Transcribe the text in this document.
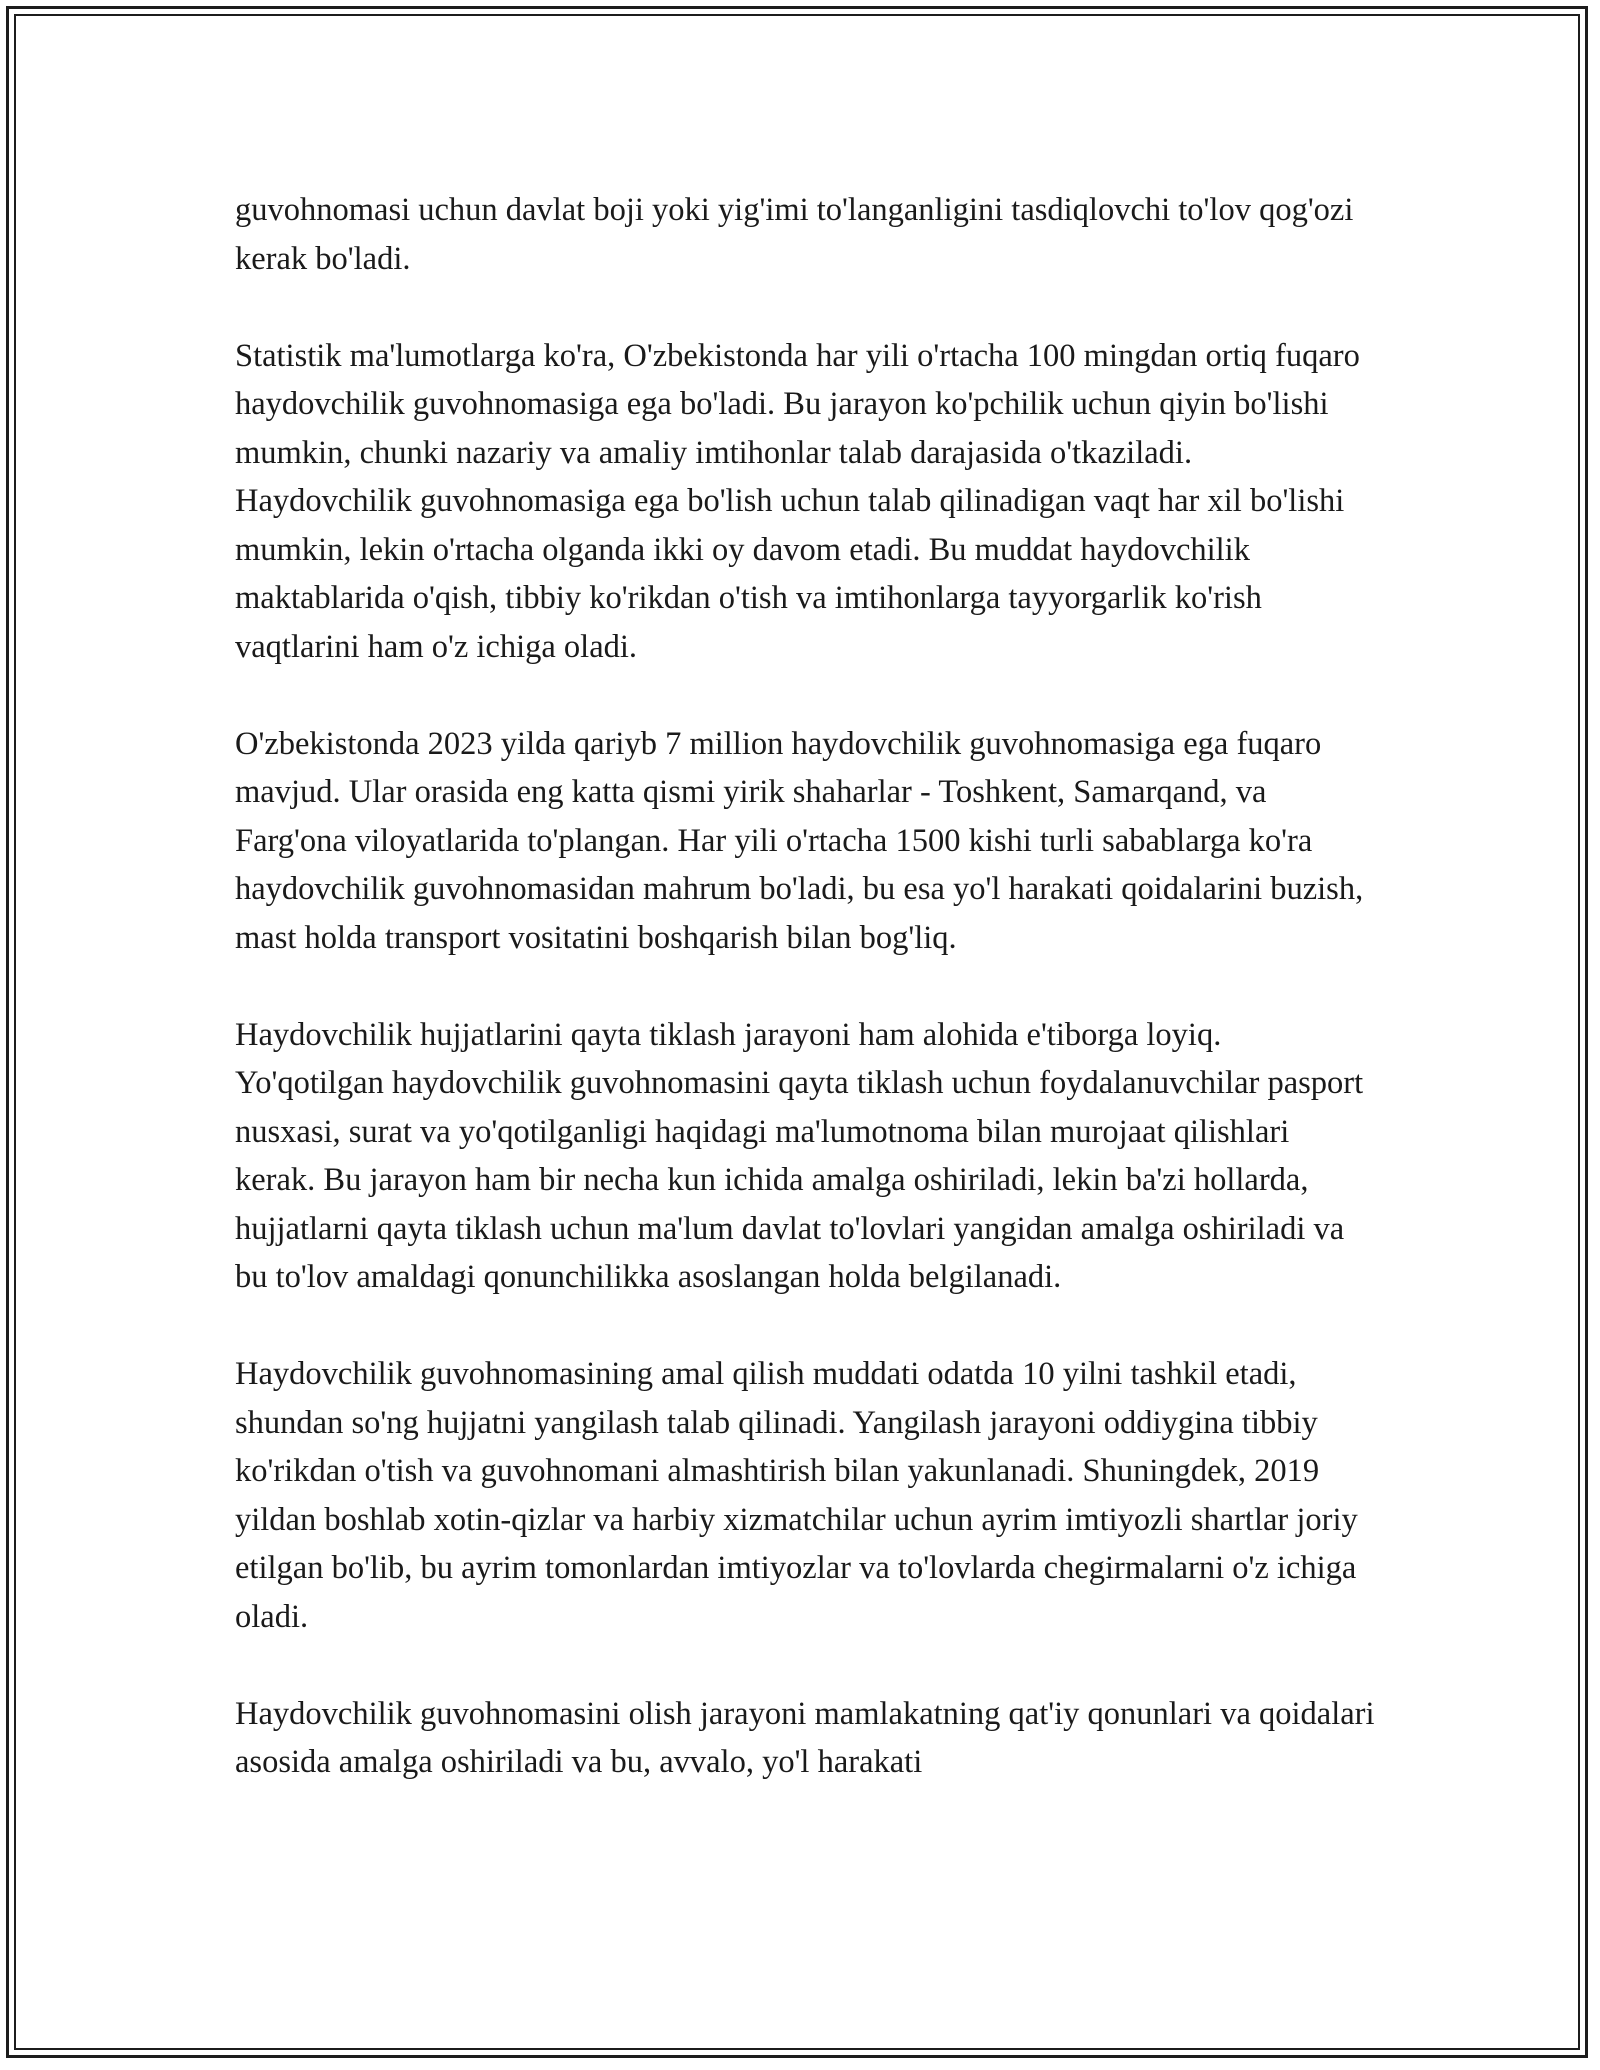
guvohnomasi uchun davlat boji yoki yig'imi to'langanligini tasdiqlovchi to'lov qog'ozi kerak bo'ladi.

Statistik ma'lumotlarga ko'ra, O'zbekistonda har yili o'rtacha 100 mingdan ortiq fuqaro haydovchilik guvohnomasiga ega bo'ladi. Bu jarayon ko'pchilik uchun qiyin bo'lishi mumkin, chunki nazariy va amaliy imtihonlar talab darajasida o'tkaziladi. Haydovchilik guvohnomasiga ega bo'lish uchun talab qilinadigan vaqt har xil bo'lishi mumkin, lekin o'rtacha olganda ikki oy davom etadi. Bu muddat haydovchilik maktablarida o'qish, tibbiy ko'rikdan o'tish va imtihonlarga tayyorgarlik ko'rish vaqtlarini ham o'z ichiga oladi.

O'zbekistonda 2023 yilda qariyb 7 million haydovchilik guvohnomasiga ega fuqaro mavjud. Ular orasida eng katta qismi yirik shaharlar - Toshkent, Samarqand, va Farg'ona viloyatlarida to'plangan. Har yili o'rtacha 1500 kishi turli sabablarga ko'ra haydovchilik guvohnomasidan mahrum bo'ladi, bu esa yo'l harakati qoidalarini buzish, mast holda transport vositatini boshqarish bilan bog'liq.

Haydovchilik hujjatlarini qayta tiklash jarayoni ham alohida e'tiborga loyiq. Yo'qotilgan haydovchilik guvohnomasini qayta tiklash uchun foydalanuvchilar pasport nusxasi, surat va yo'qotilganligi haqidagi ma'lumotnoma bilan murojaat qilishlari kerak. Bu jarayon ham bir necha kun ichida amalga oshiriladi, lekin ba'zi hollarda, hujjatlarni qayta tiklash uchun ma'lum davlat to'lovlari yangidan amalga oshiriladi va bu to'lov amaldagi qonunchilikka asoslangan holda belgilanadi.

Haydovchilik guvohnomasining amal qilish muddati odatda 10 yilni tashkil etadi, shundan so'ng hujjatni yangilash talab qilinadi. Yangilash jarayoni oddiygina tibbiy ko'rikdan o'tish va guvohnomani almashtirish bilan yakunlanadi. Shuningdek, 2019 yildan boshlab xotin-qizlar va harbiy xizmatchilar uchun ayrim imtiyozli shartlar joriy etilgan bo'lib, bu ayrim tomonlardan imtiyozlar va to'lovlarda chegirmalarni o'z ichiga oladi.

Haydovchilik guvohnomasini olish jarayoni mamlakatning qat'iy qonunlari va qoidalari asosida amalga oshiriladi va bu, avvalo, yo'l harakati
